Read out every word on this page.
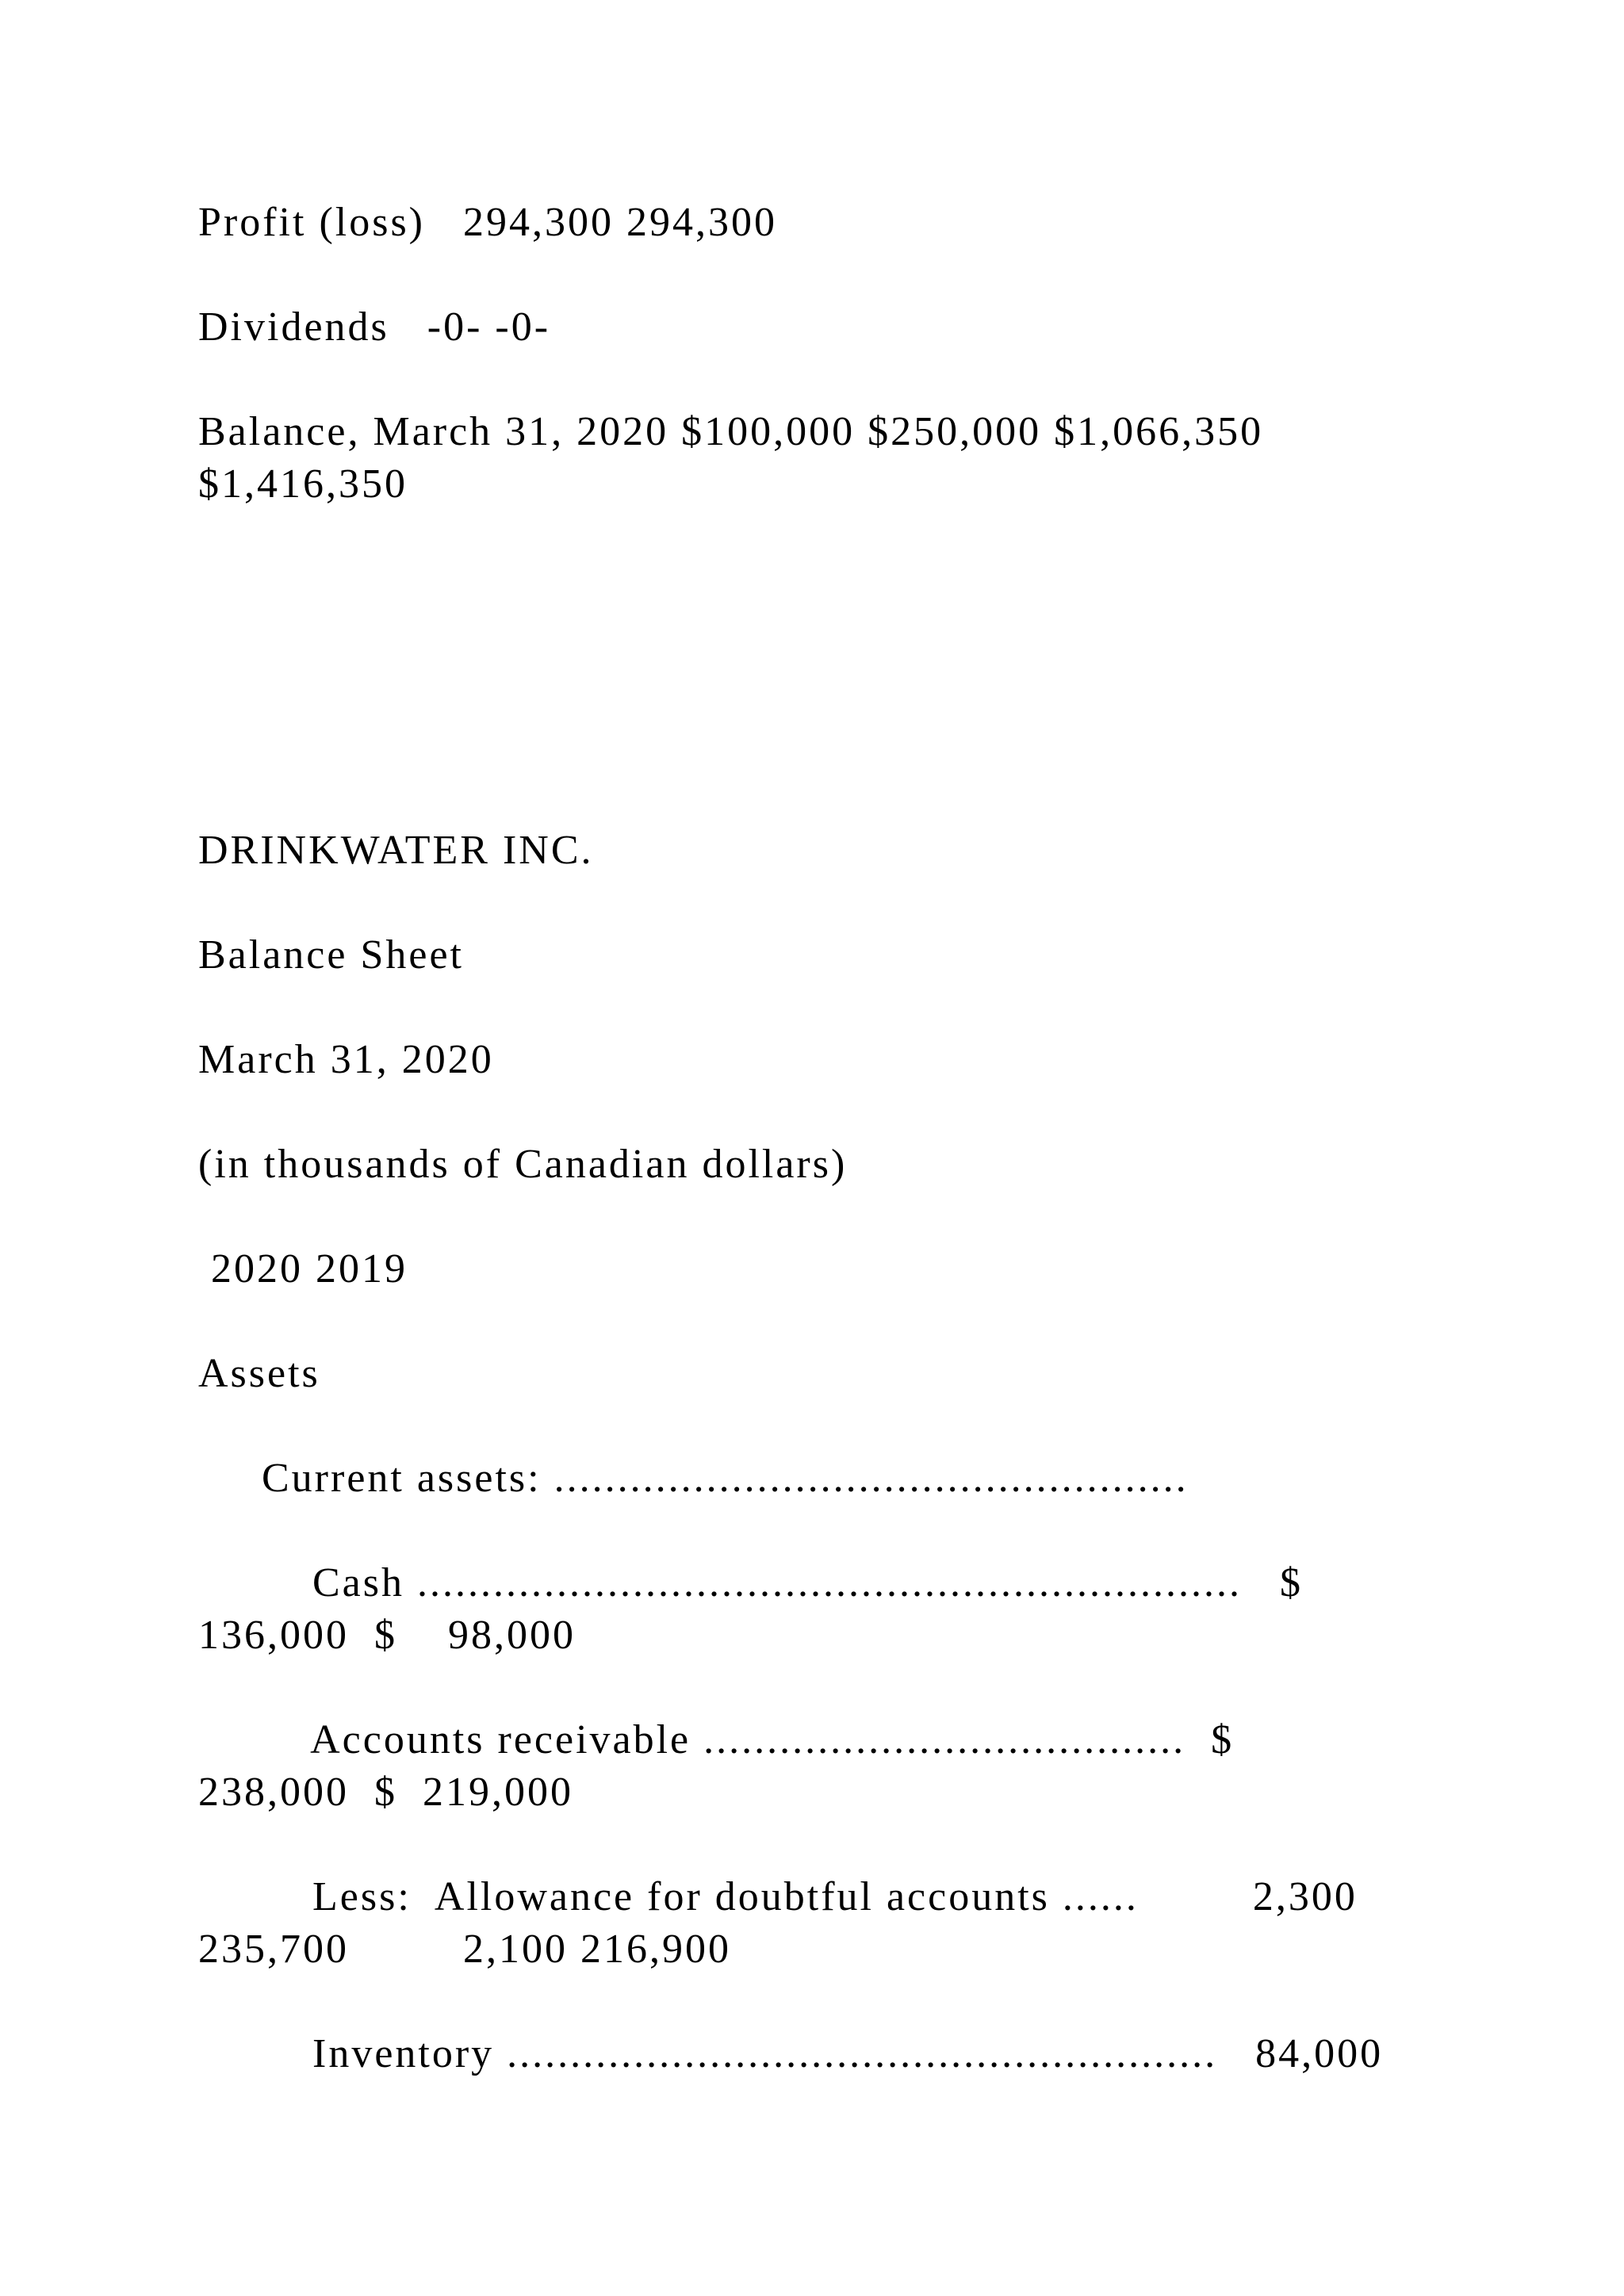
Profit (loss)   294,300 294,300

Dividends   -0- -0-

Balance, March 31, 2020 $100,000 $250,000 $1,066,350

$1,416,350

DRINKWATER INC.

Balance Sheet

March 31, 2020

(in thousands of Canadian dollars)

2020 2019

Assets

Current assets: ..................................................

Cash .................................................................   $

136,000  $    98,000

Accounts receivable ......................................  $

238,000  $  219,000

Less:  Allowance for doubtful accounts ......         2,300

235,700         2,100 216,900

Inventory ........................................................   84,000
